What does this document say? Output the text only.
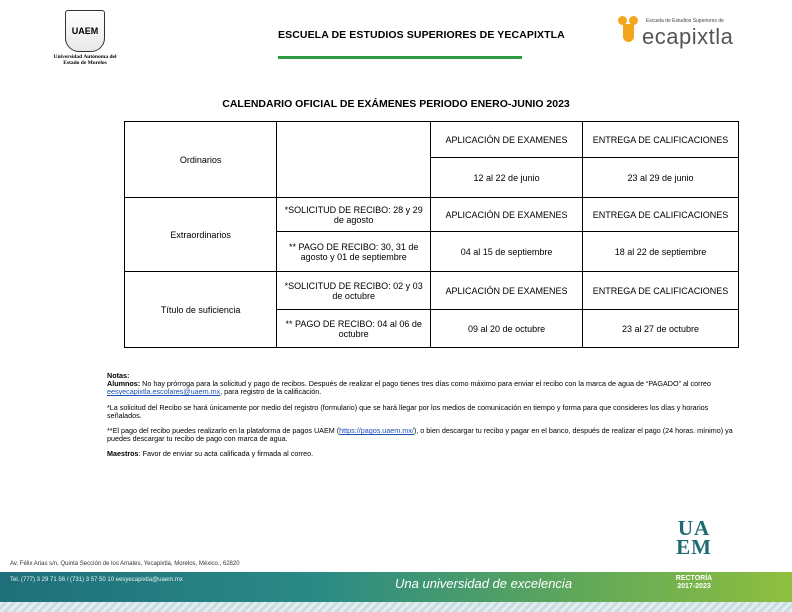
UAEM
Universidad Autónoma del
Estado de Morelos
ESCUELA DE ESTUDIOS SUPERIORES DE YECAPIXTLA
Escuela de Estudios Superiores de
ecapixtla
CALENDARIO OFICIAL DE EXÁMENES PERIODO ENERO-JUNIO 2023
Ordinarios		APLICACIÓN DE EXAMENES	ENTREGA DE CALIFICACIONES
		12 al 22 de junio	23 al 29 de junio
Extraordinarios	*SOLICITUD DE RECIBO: 28 y 29 de agosto	APLICACIÓN DE EXAMENES	ENTREGA DE CALIFICACIONES
	** PAGO DE RECIBO: 30, 31 de agosto y 01 de septiembre	04 al 15 de septiembre	18 al 22 de septiembre
Título de suficiencia	*SOLICITUD DE RECIBO: 02 y 03 de octubre	APLICACIÓN DE EXAMENES	ENTREGA DE CALIFICACIONES
	** PAGO DE RECIBO: 04 al 06 de octubre	09 al 20 de octubre	23 al 27 de octubre
Notas:

Alumnos: No hay prórroga para la solicitud y pago de recibos. Después de realizar el pago tienes tres días como máximo para enviar el recibo con la marca de agua de “PAGADO” al correo eesyecapixtla.escolares@uaem.mx, para registro de la calificación.

*La solicitud del Recibo se hará únicamente por medio del registro (formulario) que se hará llegar por los medios de comunicación en tiempo y forma para que consideres los días y horarios señalados.

**El pago del recibo puedes realizarlo en la plataforma de pagos UAEM (https://pagos.uaem.mx/), o bien descargar tu recibo y pagar en el banco, después de realizar el pago (24 horas. mínimo) ya puedes descargar tu recibo de pago con marca de agua.

Maestros: Favor de enviar su acta calificada y firmada al correo.

UA
EM
Av. Félix Arias s/n, Quinta Sección de los Amates, Yecapixtla, Morelos, México., 62820
Tel. (777) 3 29 71 56 / (731) 3 57 50 10 eesyecapixtla@uaem.mx	Una universidad de excelencia	RECTORÍA
2017-2023
